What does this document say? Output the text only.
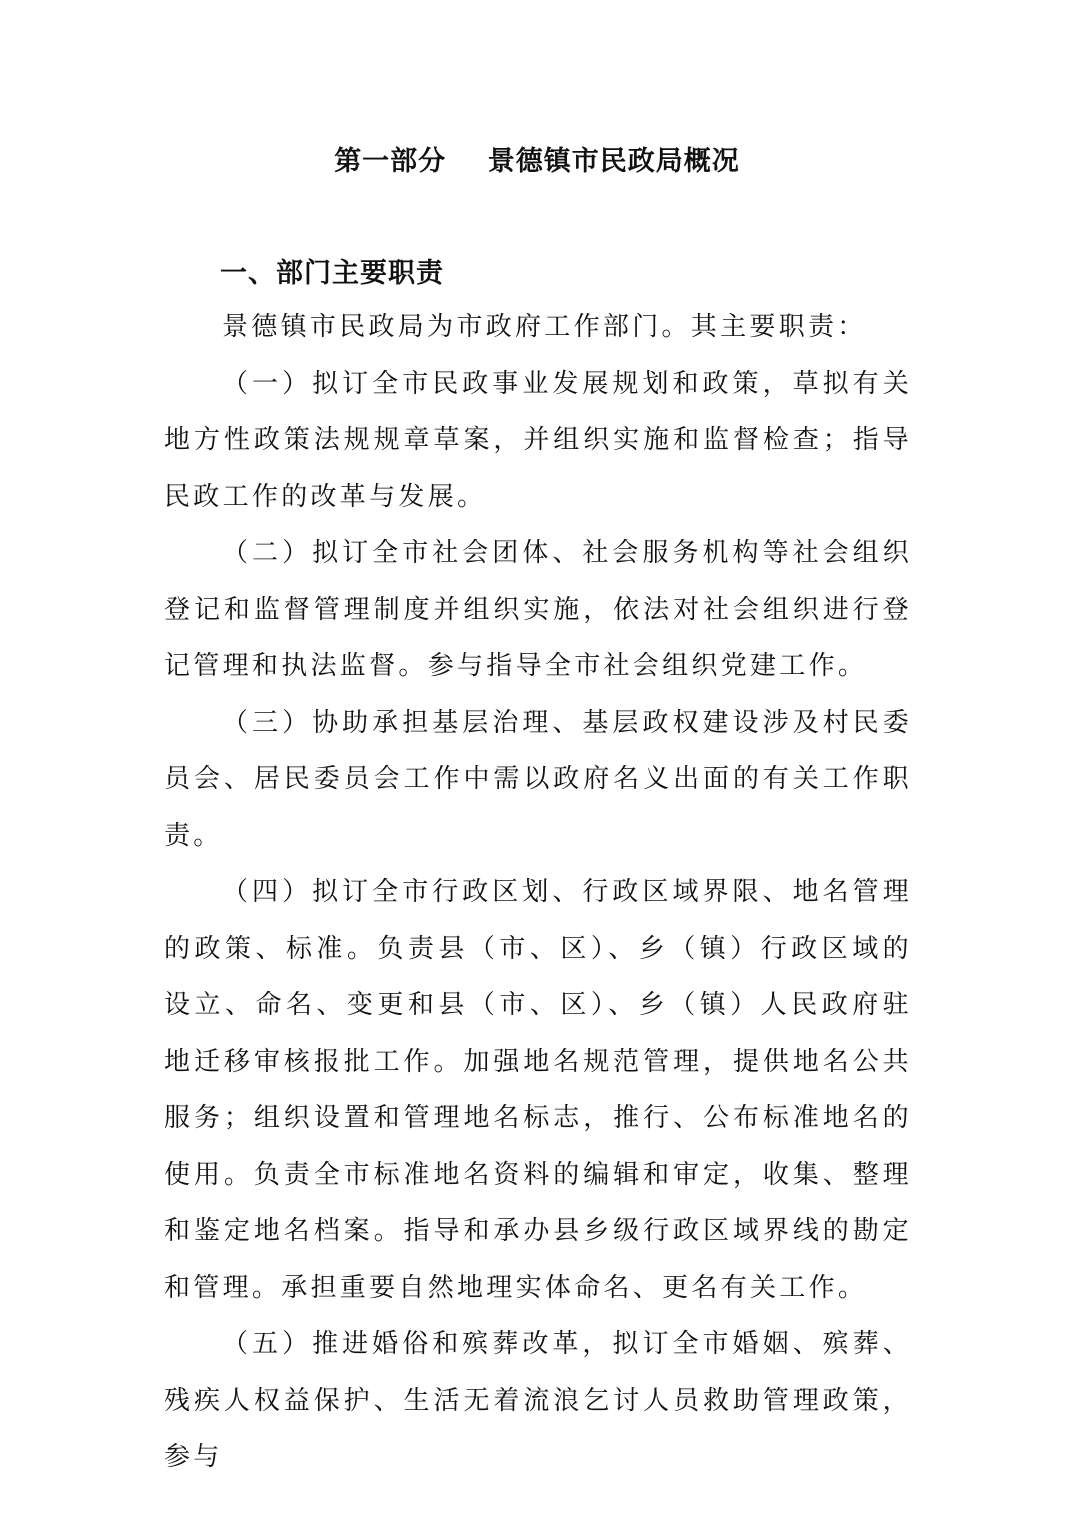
第一部分    景德镇市民政局概况
一、部门主要职责

景德镇市民政局为市政府工作部门。其主要职责：

（一）拟订全市民政事业发展规划和政策，草拟有关地方性政策法规规章草案，并组织实施和监督检查；指导民政工作的改革与发展。

（二）拟订全市社会团体、社会服务机构等社会组织登记和监督管理制度并组织实施，依法对社会组织进行登记管理和执法监督。参与指导全市社会组织党建工作。

（三）协助承担基层治理、基层政权建设涉及村民委员会、居民委员会工作中需以政府名义出面的有关工作职责。

（四）拟订全市行政区划、行政区域界限、地名管理的政策、标准。负责县（市、区）、乡（镇）行政区域的设立、命名、变更和县（市、区）、乡（镇）人民政府驻地迁移审核报批工作。加强地名规范管理，提供地名公共服务；组织设置和管理地名标志，推行、公布标准地名的使用。负责全市标准地名资料的编辑和审定，收集、整理和鉴定地名档案。指导和承办县乡级行政区域界线的勘定和管理。承担重要自然地理实体命名、更名有关工作。

（五）推进婚俗和殡葬改革，拟订全市婚姻、殡葬、残疾人权益保护、生活无着流浪乞讨人员救助管理政策，参与
